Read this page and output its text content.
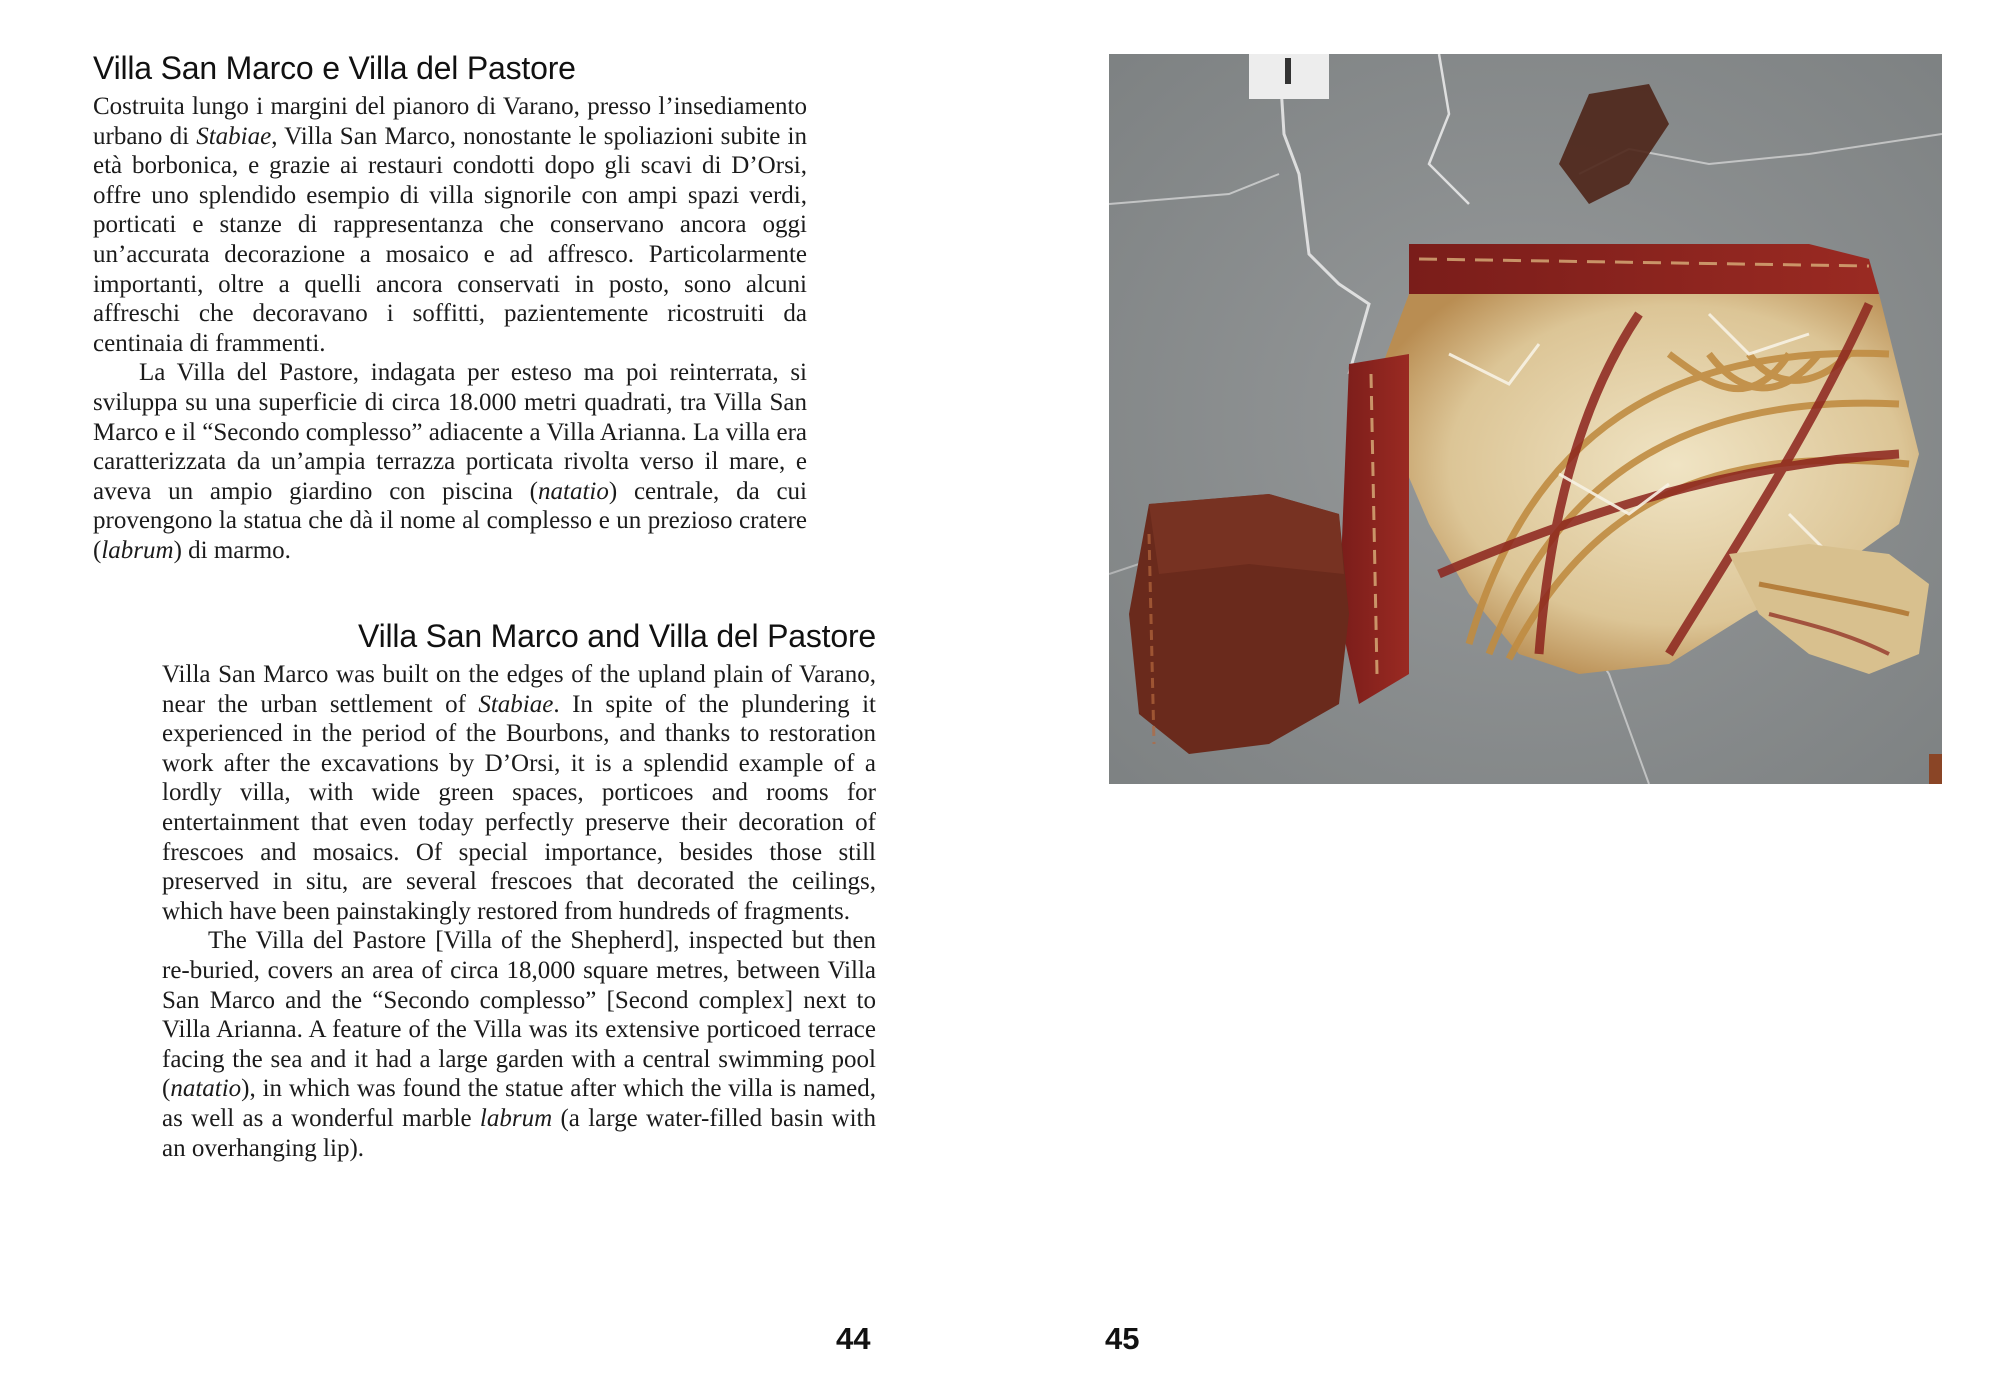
Villa San Marco e Villa del Pastore

Costruita lungo i margini del pianoro di Varano, presso l’insediamento urbano di Stabiae, Villa San Marco, nonostante le spoliazioni subite in età borbonica, e grazie ai restauri condotti dopo gli scavi di D’Orsi, offre uno splendido esempio di villa signorile con ampi spazi verdi, porticati e stanze di rappresentanza che conservano ancora oggi un’accurata decorazione a mosaico e ad affresco. Particolarmente importanti, oltre a quelli ancora conservati in posto, sono alcuni affreschi che decoravano i soffitti, pazientemente ricostruiti da centinaia di frammenti.

La Villa del Pastore, indagata per esteso ma poi reinterrata, si sviluppa su una superficie di circa 18.000 metri quadrati, tra Villa San Marco e il “Secondo complesso” adiacente a Villa Arianna. La villa era caratterizzata da un’ampia terrazza porticata rivolta verso il mare, e aveva un ampio giardino con piscina (natatio) centrale, da cui provengono la statua che dà il nome al complesso e un prezioso cratere (labrum) di marmo.

Villa San Marco and Villa del Pastore

Villa San Marco was built on the edges of the upland plain of Varano, near the urban settlement of Stabiae. In spite of the plundering it experienced in the period of the Bourbons, and thanks to restoration work after the excavations by D’Orsi, it is a splendid example of a lordly villa, with wide green spaces, porticoes and rooms for entertainment that even today perfectly preserve their decoration of frescoes and mosaics. Of special importance, besides those still preserved in situ, are several frescoes that decorated the ceilings, which have been painstakingly restored from hundreds of fragments.

The Villa del Pastore [Villa of the Shepherd], inspected but then re-buried, covers an area of circa 18,000 square metres, between Villa San Marco and the “Secondo complesso” [Second complex] next to Villa Arianna. A feature of the Villa was its extensive porticoed terrace facing the sea and it had a large garden with a central swimming pool (natatio), in which was found the statue after which the villa is named, as well as a wonderful marble labrum (a large water-filled basin with an overhanging lip).

44	45
